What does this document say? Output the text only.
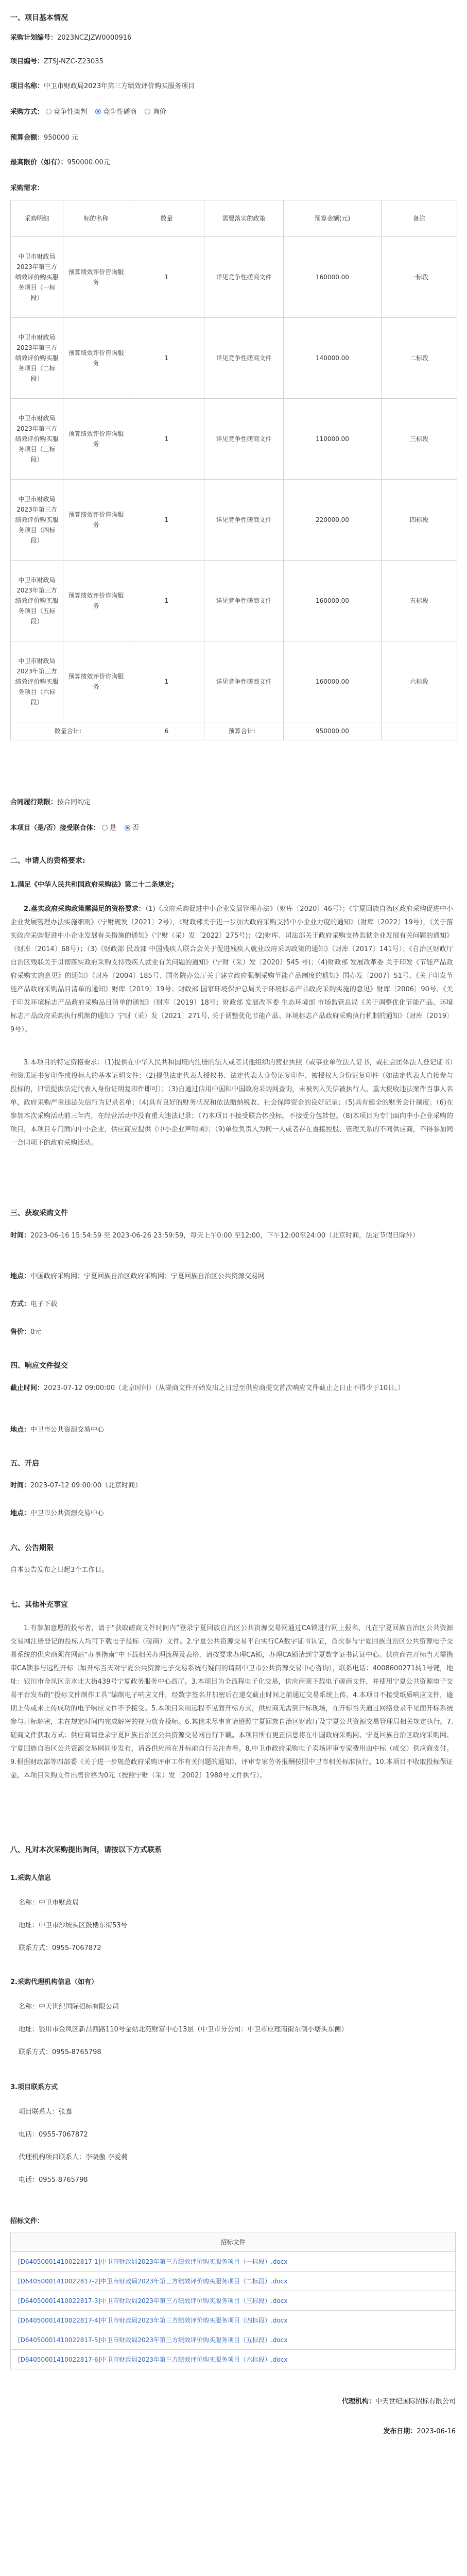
一、项目基本情况
采购计划编号：2023NCZJZW0000916
项目编号：ZTSJ-NZC-Z23035
项目名称：中卫市财政局2023年第三方绩效评价购买服务项目
采购方式： 竞争性谈判 竞争性磋商 询价
预算金额：950000 元
最高限价（如有）：950000.00元
采购需求：
采购明细	标的名称	数量	需要落实的政策	预算金额(元)	备注
中卫市财政局2023年第三方绩效评价购买服务项目（一标段）	预算绩效评价咨询服务	1	详见竞争性磋商文件	160000.00	一标段
中卫市财政局2023年第三方绩效评价购买服务项目（二标段）	预算绩效评价咨询服务	1	详见竞争性磋商文件	140000.00	二标段
中卫市财政局2023年第三方绩效评价购买服务项目（三标段）	预算绩效评价咨询服务	1	详见竞争性磋商文件	110000.00	三标段
中卫市财政局2023年第三方绩效评价购买服务项目（四标段）	预算绩效评价咨询服务	1	详见竞争性磋商文件	220000.00	四标段
中卫市财政局2023年第三方绩效评价购买服务项目（五标段）	预算绩效评价咨询服务	1	详见竞争性磋商文件	160000.00	五标段
中卫市财政局2023年第三方绩效评价购买服务项目（六标段）	预算绩效评价咨询服务	1	详见竞争性磋商文件	160000.00	六标段
数量合计：		6	预算合计：	950000.00	
合同履行期限：按合同约定
本项目（是/否）接受联合体： 是 否
二、申请人的资格要求:
1.满足《中华人民共和国政府采购法》第二十二条规定;

2.落实政府采购政策需满足的资格要求：（1)《政府采购促进中小企业发展管理办法》（财库〔2020〕46号）；《宁夏回族自治区政府采购促进中小企业发展管理办法实施细则》（宁财规发〔2021〕2号），《财政部关于进一步加大政府采购支持中小企业力度的通知》（财库〔2022〕19号），《关于落实政府采购促进中小企业发展有关措施的通知》（宁财（采）发〔2022〕275号)；（2)财库、司法部关于政府采购支持监狱企业发展有关问题的通知》（财库〔2014〕68号）；（3)《财政部 民政部 中国残疾人联合会关于促进残疾人就业政府采购政策的通知》（财库〔2017〕141号）；《自治区财政厅 自治区残联关于贯彻落实政府采购支持残疾人就业有关问题的通知》（宁财（采）发〔2020〕545 号)；（4)财政部 发展改革委 关于印发《节能产品政府采购实施意见》的通知》（财库〔2004〕185号、国务院办公厅关于建立政府强制采购节能产品制度的通知》国办发〔2007〕51号、《关于印发节能产品政府采购品目清单的通知》财库〔2019〕19号；财政部 国家环境保护总局关于环境标志产品政府采购实施的意见》财库〔2006〕90号、《关于印发环境标志产品政府采购品目清单的通知》（财库〔2019〕18号；财政部 发展改革委 生态环境部 市场监管总局《关于调整优化节能产品、环境标志产品政府采购执行机制的通知》宁财（采）发〔2021〕271号, 关于调整优化节能产品、环境标志产品政府采购执行机制的通知》（财库〔2019〕9号）。

3.本项目的特定资格要求：（1)提供在中华人民共和国境内注册的法人或者其他组织的营业执照（或事业单位法人证书，或社会团体法人登记证书）和资质证书复印件或投标人的基本证明文件；（2)提供法定代表人授权书、法定代表人身份证复印件、被授权人身份证复印件（如法定代表人直接参与投标的，只需提供法定代表人身份证明复印件即可）；（3)自通过信用中国和中国政府采购网查询，未被列入失信被执行人、重大税收违法案件当事人名单，政府采购严重违法失信行为记录名单；（4)具有良好的财务状况和依法缴纳税收、社会保障资金的良好记录；（5)具有健全的财务会计制度；（6)在参加本次采购活动前三年内，在经营活动中没有重大违法记录；（7)本项目不接受联合体投标，不接受分包转包。（8)本项目为专门面向中小企业采购的项目，本项目专门面向中小企业，供应商应提供《中小企业声明函》；（9)单位负责人为同一人或者存在直接控股、管理关系的不同供应商，不得参加同一合同项下的政府采购活动。

三、获取采购文件
时间：2023-06-16 15:54:59 至 2023-06-26 23:59:59，每天上午0:00 至12:00，下午12:00至24:00（北京时间，法定节假日除外）
地点：中国政府采购网；宁夏回族自治区政府采购网；宁夏回族自治区公共资源交易网
方式：电子下载
售价：0元
四、响应文件提交
截止时间：2023-07-12 09:00:00（北京时间）（从磋商文件开始发出之日起至供应商提交首次响应文件截止之日止不得少于10日。）
地点：中卫市公共资源交易中心
五、开启
时间：2023-07-12 09:00:00（北京时间）
地点：中卫市公共资源交易中心
六、公告期限
自本公告发布之日起3个工作日。
七、其他补充事宜

1.有参加意愿的投标者，请于“获取磋商文件时间内”登录宁夏回族自治区公共资源交易网通过CA锁进行网上报名，凡在宁夏回族自治区公共资源交易网注册登记的投标人均可下载电子投标（磋商）文件。2.宁夏公共资源交易平台实行CA数字证书认证，首次参与宁夏回族自治区公共资源电子交易系统的供应商须在网站“办事指南”中下载相关办理流程及表格，请按要求办理CA锁，办理CA锁请到宁夏数字证书认证中心。供应商在开标当天需携带CA锁参与远程开标（如开标当天对宁夏公共资源电子交易系统有疑问的请到中卫市公共资源交易中心咨询），联系电话：4008600271转1号键，地址：银川市金凤区亲水北大街439号宁夏政务服务中心西厅。3.本项目为全流程电子化交易，供应商须下载电子磋商文件，并使用宁夏公共资源电子交易平台发布的“投标文件制作工具”编制电子响应文件，经数字签名并加密后在递交截止时间之前通过交易系统上传。4.本项目不接受纸质响应文件，逾期上传或未上传成功的电子响应文件不予接受。5.本项目采用远程不见面开标方式，供应商无需到开标现场，在开标当天通过网络登录不见面开标系统参与开标解密，未在规定时间内完成解密的视为放弃投标。6.其他未尽事宜请遵照宁夏回族自治区财政厅及宁夏公共资源交易管理局相关规定执行。7.磋商文件获取方式：供应商请登录宁夏回族自治区公共资源交易网自行下载。本项目所有更正信息将在中国政府采购网、宁夏回族自治区政府采购网、宁夏回族自治区公共资源交易网同步发布，请各供应商在开标前自行关注查看。8.中卫市政府采购电子卖场评审专家费用由中标（成交）供应商支付。9.根据财政部等四部委《关于进一步规范政府采购评审工作有关问题的通知》，评审专家劳务报酬按照中卫市相关标准执行。10.本项目不收取投标保证金。本项目采购文件出售价格为0元（按照宁财（采）发〔2002〕1980号文件执行）。

八、凡对本次采购提出询问，请按以下方式联系
1.采购人信息
名称：中卫市财政局
地址：中卫市沙坡头区鼓楼东街53号
联系方式：0955-7067872
2.采购代理机构信息（如有）
名称：中天世纪国际招标有限公司
地址：银川市金凤区新昌西路110号金站北苑财富中心13层（中卫市分公司：中卫市应理南街东侧小塘头东侧）
联系方式：0955-8765798
3.项目联系方式
项目联系人：张嘉
电话：0955-7067872
代理机构项目联系人：李晓傲 李爱莉
电话：0955-8765798
招标文件：
招标文件
[D64050001410022817-1]中卫市财政局2023年第三方绩效评价购买服务项目（一标段）.docx
[D64050001410022817-2]中卫市财政局2023年第三方绩效评价购买服务项目（二标段）.docx
[D64050001410022817-3]中卫市财政局2023年第三方绩效评价购买服务项目（三标段）.docx
[D64050001410022817-4]中卫市财政局2023年第三方绩效评价购买服务项目（四标段）.docx
[D64050001410022817-5]中卫市财政局2023年第三方绩效评价购买服务项目（五标段）.docx
[D64050001410022817-6]中卫市财政局2023年第三方绩效评价购买服务项目（六标段）.docx
代理机构：中天世纪国际招标有限公司
发布日期：2023-06-16
